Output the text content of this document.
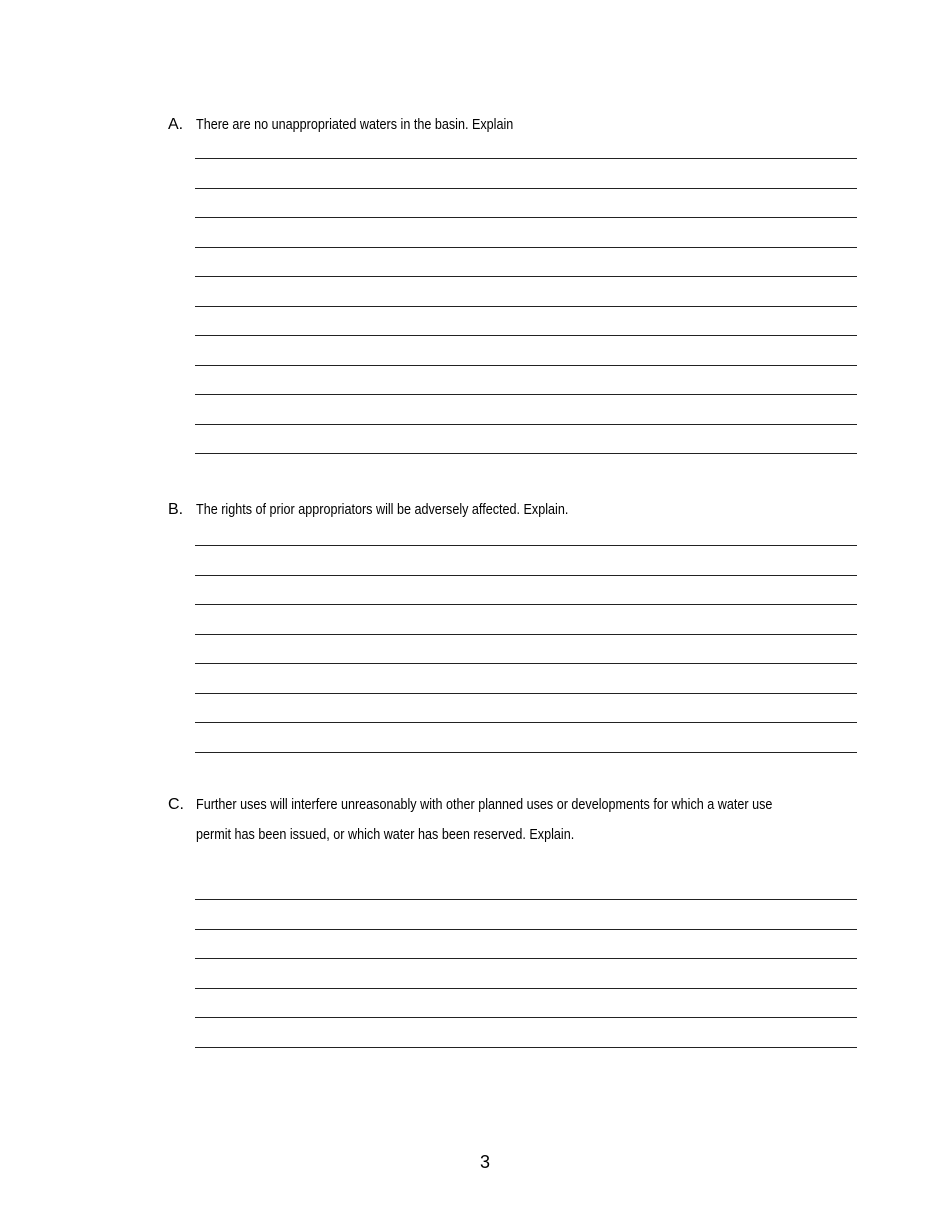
A. There are no unappropriated waters in the basin. Explain
B. The rights of prior appropriators will be adversely affected. Explain.
C. Further uses will interfere unreasonably with other planned uses or developments for which a water use
permit has been issued, or which water has been reserved. Explain.
3
